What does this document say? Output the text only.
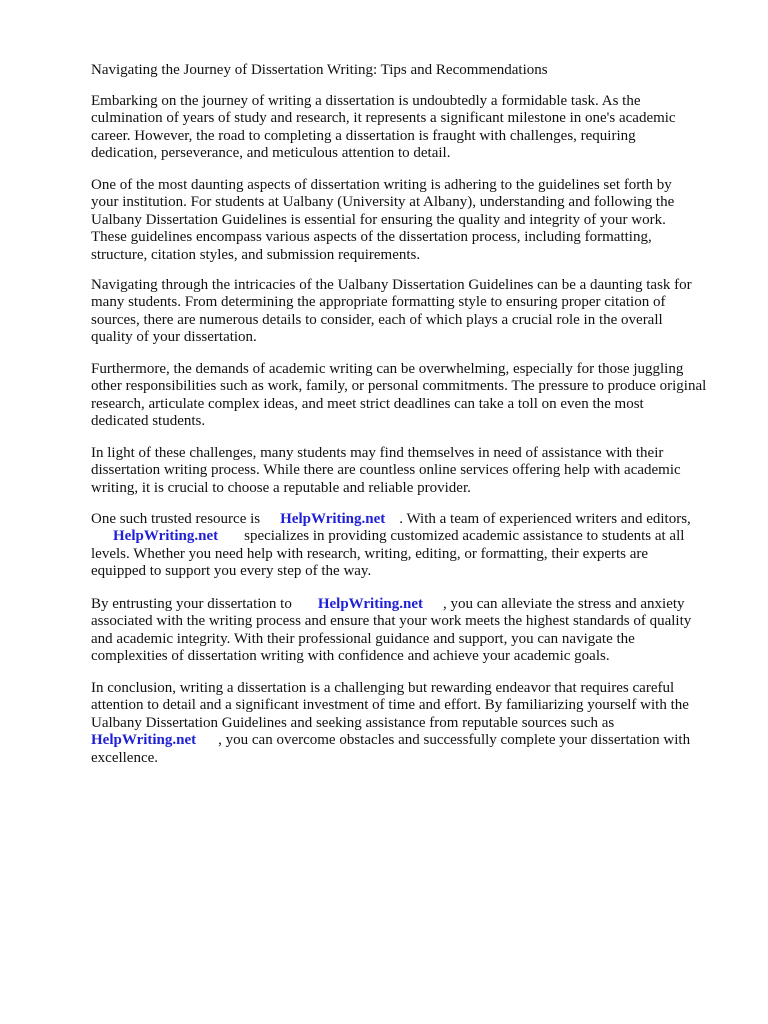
Navigating the Journey of Dissertation Writing: Tips and Recommendations

Embarking on the journey of writing a dissertation is undoubtedly a formidable task. As the
culmination of years of study and research, it represents a significant milestone in one's academic
career. However, the road to completing a dissertation is fraught with challenges, requiring
dedication, perseverance, and meticulous attention to detail.

One of the most daunting aspects of dissertation writing is adhering to the guidelines set forth by
your institution. For students at Ualbany (University at Albany), understanding and following the
Ualbany Dissertation Guidelines is essential for ensuring the quality and integrity of your work.
These guidelines encompass various aspects of the dissertation process, including formatting,
structure, citation styles, and submission requirements.

Navigating through the intricacies of the Ualbany Dissertation Guidelines can be a daunting task for
many students. From determining the appropriate formatting style to ensuring proper citation of
sources, there are numerous details to consider, each of which plays a crucial role in the overall
quality of your dissertation.

Furthermore, the demands of academic writing can be overwhelming, especially for those juggling
other responsibilities such as work, family, or personal commitments. The pressure to produce original
research, articulate complex ideas, and meet strict deadlines can take a toll on even the most
dedicated students.

In light of these challenges, many students may find themselves in need of assistance with their
dissertation writing process. While there are countless online services offering help with academic
writing, it is crucial to choose a reputable and reliable provider.

One such trusted resource is HelpWriting.net . With a team of experienced writers and editors,
HelpWriting.net specializes in providing customized academic assistance to students at all
levels. Whether you need help with research, writing, editing, or formatting, their experts are
equipped to support you every step of the way.

By entrusting your dissertation to HelpWriting.net , you can alleviate the stress and anxiety
associated with the writing process and ensure that your work meets the highest standards of quality
and academic integrity. With their professional guidance and support, you can navigate the
complexities of dissertation writing with confidence and achieve your academic goals.

In conclusion, writing a dissertation is a challenging but rewarding endeavor that requires careful
attention to detail and a significant investment of time and effort. By familiarizing yourself with the
Ualbany Dissertation Guidelines and seeking assistance from reputable sources such as
HelpWriting.net , you can overcome obstacles and successfully complete your dissertation with
excellence.
